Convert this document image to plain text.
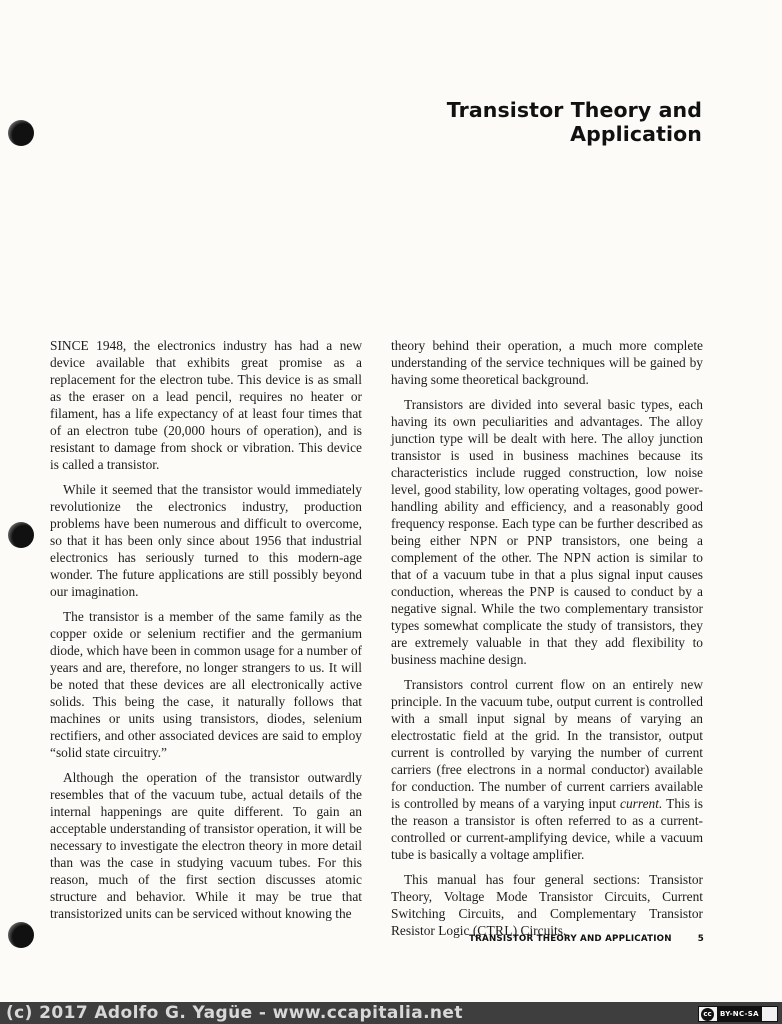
Transistor Theory and Application

SINCE 1948, the electronics industry has had a new device available that exhibits great promise as a replacement for the electron tube. This device is as small as the eraser on a lead pencil, requires no heater or filament, has a life expectancy of at least four times that of an electron tube (20,000 hours of operation), and is resistant to damage from shock or vibration. This device is called a transistor.

While it seemed that the transistor would immediately revolutionize the electronics industry, production problems have been numerous and difficult to overcome, so that it has been only since about 1956 that industrial electronics has seriously turned to this modern-age wonder. The future applications are still possibly beyond our imagination.

The transistor is a member of the same family as the copper oxide or selenium rectifier and the germanium diode, which have been in common usage for a number of years and are, therefore, no longer strangers to us. It will be noted that these devices are all electronically active solids. This being the case, it naturally follows that machines or units using transistors, diodes, selenium rectifiers, and other associated devices are said to employ “solid state circuitry.”

Although the operation of the transistor outwardly resembles that of the vacuum tube, actual details of the internal happenings are quite different. To gain an acceptable understanding of transistor operation, it will be necessary to investigate the electron theory in more detail than was the case in studying vacuum tubes. For this reason, much of the first section discusses atomic structure and behavior. While it may be true that transistorized units can be serviced without knowing the

theory behind their operation, a much more complete understanding of the service techniques will be gained by having some theoretical background.

Transistors are divided into several basic types, each having its own peculiarities and advantages. The alloy junction type will be dealt with here. The alloy junction transistor is used in business machines because its characteristics include rugged construction, low noise level, good stability, low operating voltages, good power-handling ability and efficiency, and a reasonably good frequency response. Each type can be further described as being either NPN or PNP transistors, one being a complement of the other. The NPN action is similar to that of a vacuum tube in that a plus signal input causes conduction, whereas the PNP is caused to conduct by a negative signal. While the two complementary transistor types somewhat complicate the study of transistors, they are extremely valuable in that they add flexibility to business machine design.

Transistors control current flow on an entirely new principle. In the vacuum tube, output current is controlled with a small input signal by means of varying an electrostatic field at the grid. In the transistor, output current is controlled by varying the number of current carriers (free electrons in a normal conductor) available for conduction. The number of current carriers available is controlled by means of a varying input current. This is the reason a transistor is often referred to as a current-controlled or current-amplifying device, while a vacuum tube is basically a voltage amplifier.

This manual has four general sections: Transistor Theory, Voltage Mode Transistor Circuits, Current Switching Circuits, and Complementary Transistor Resistor Logic (CTRL) Circuits.

TRANSISTOR THEORY AND APPLICATION	5
(c) 2017 Adolfo G. Yagüe - www.ccapitalia.net	cc	BY-NC-SA
